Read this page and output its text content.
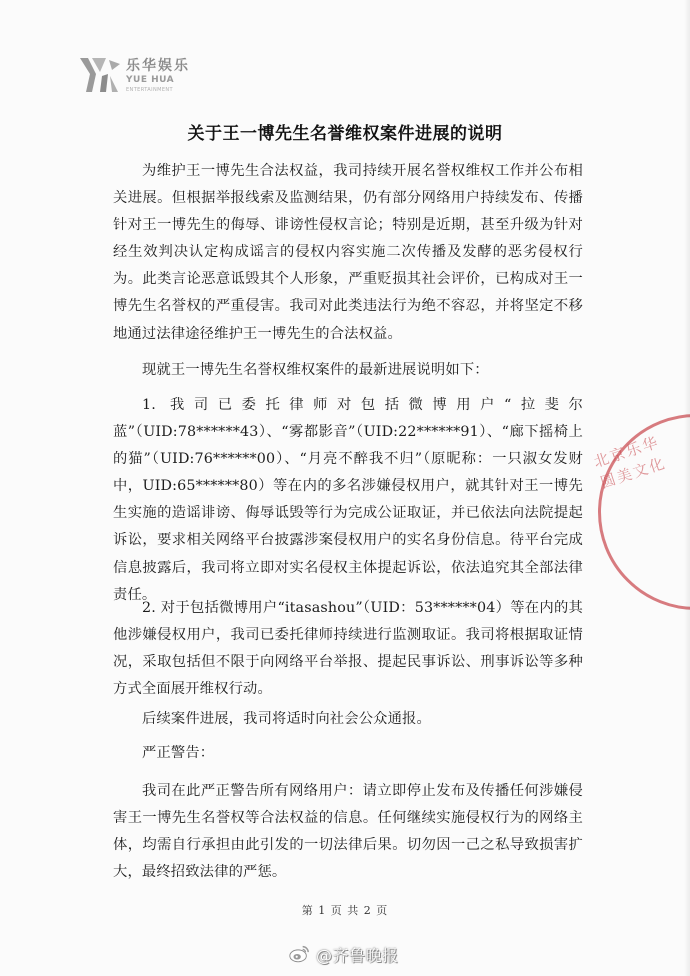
乐华娱乐
YUE HUA
ENTERTAINMENT
关于王一博先生名誉维权案件进展的说明
为维护王一博先生合法权益，我司持续开展名誉权维权工作并公布相关进展。但根据举报线索及监测结果，仍有部分网络用户持续发布、传播针对王一博先生的侮辱、诽谤性侵权言论；特别是近期，甚至升级为针对经生效判决认定构成谣言的侵权内容实施二次传播及发酵的恶劣侵权行为。此类言论恶意诋毁其个人形象，严重贬损其社会评价，已构成对王一博先生名誉权的严重侵害。我司对此类违法行为绝不容忍，并将坚定不移地通过法律途径维护王一博先生的合法权益。
现就王一博先生名誉权维权案件的最新进展说明如下：
1. 我司已委托律师对包括微博用户“拉斐尔蓝”（UID:78******43）、“雾都影音”（UID:22******91）、“廊下摇椅上的猫”（UID:76******00）、“月亮不醉我不归”（原昵称：一只淑女发财中，UID:65******80）等在内的多名涉嫌侵权用户，就其针对王一博先生实施的造谣诽谤、侮辱诋毁等行为完成公证取证，并已依法向法院提起诉讼，要求相关网络平台披露涉案侵权用户的实名身份信息。待平台完成信息披露后，我司将立即对实名侵权主体提起诉讼，依法追究其全部法律责任。
2. 对于包括微博用户“itasashou”（UID：53******04）等在内的其他涉嫌侵权用户，我司已委托律师持续进行监测取证。我司将根据取证情况，采取包括但不限于向网络平台举报、提起民事诉讼、刑事诉讼等多种方式全面展开维权行动。
后续案件进展，我司将适时向社会公众通报。
严正警告：
我司在此严正警告所有网络用户：请立即停止发布及传播任何涉嫌侵害王一博先生名誉权等合法权益的信息。任何继续实施侵权行为的网络主体，均需自行承担由此引发的一切法律后果。切勿因一己之私导致损害扩大，最终招致法律的严惩。
北京乐华圆美文化
第 1 页 共 2 页
@齐鲁晚报
